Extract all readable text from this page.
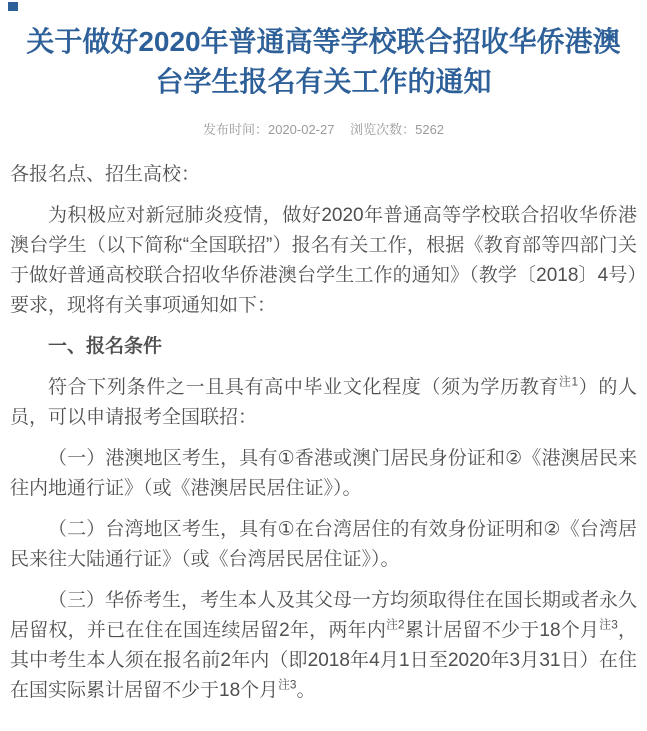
关于做好2020年普通高等学校联合招收华侨港澳台学生报名有关工作的通知
发布时间：2020-02-27 浏览次数：5262

各报名点、招生高校：

为积极应对新冠肺炎疫情，做好2020年普通高等学校联合招收华侨港澳台学生（以下简称“全国联招”）报名有关工作，根据《教育部等四部门关于做好普通高校联合招收华侨港澳台学生工作的通知》（教学〔2018〕4号）要求，现将有关事项通知如下：

一、报名条件

符合下列条件之一且具有高中毕业文化程度（须为学历教育$^{注1}$）的人员，可以申请报考全国联招：

（一）港澳地区考生，具有①香港或澳门居民身份证和②《港澳居民来往内地通行证》（或《港澳居民居住证》）。

（二）台湾地区考生，具有①在台湾居住的有效身份证明和②《台湾居民来往大陆通行证》（或《台湾居民居住证》）。

（三）华侨考生，考生本人及其父母一方均须取得住在国长期或者永久居留权，并已在住在国连续居留2年，两年内$^{注2}$累计居留不少于18个月$^{注3}$，其中考生本人须在报名前2年内（即2018年4月1日至2020年3月31日）在住在国实际累计居留不少于18个月$^{注3}$。
